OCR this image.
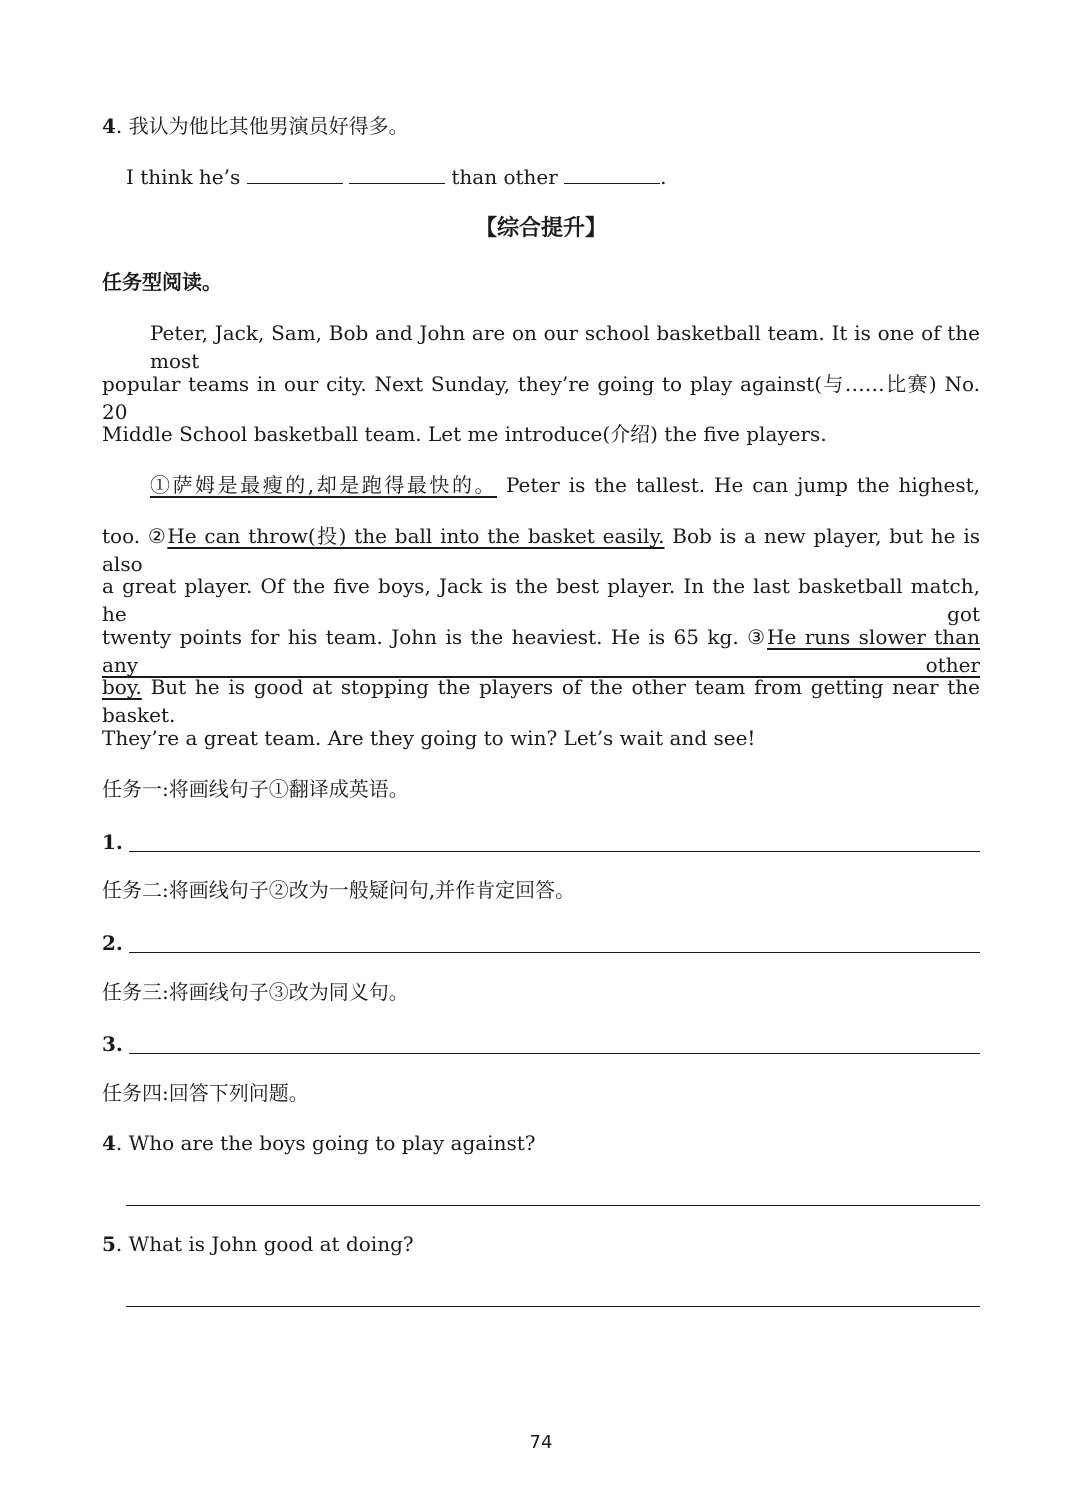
4. 我认为他比其他男演员好得多。
I think he’s	than other	.
【综合提升】
任务型阅读。
Peter, Jack, Sam, Bob and John are on our school basketball team. It is one of the most
popular teams in our city. Next Sunday, they’re going to play against(与……比赛) No. 20
Middle School basketball team. Let me introduce(介绍) the five players.
①萨姆是最瘦的,却是跑得最快的。 Peter is the tallest. He can jump the highest,
too. ②He can throw(投) the ball into the basket easily. Bob is a new player, but he is also
a great player. Of the five boys, Jack is the best player. In the last basketball match, he got
twenty points for his team. John is the heaviest. He is 65 kg. ③He runs slower than any other
boy. But he is good at stopping the players of the other team from getting near the basket.
They’re a great team. Are they going to win? Let’s wait and see!
任务一:将画线句子①翻译成英语。
1.
任务二:将画线句子②改为一般疑问句,并作肯定回答。
2.
任务三:将画线句子③改为同义句。
3.
任务四:回答下列问题。
4. Who are the boys going to play against?
5. What is John good at doing?
74
